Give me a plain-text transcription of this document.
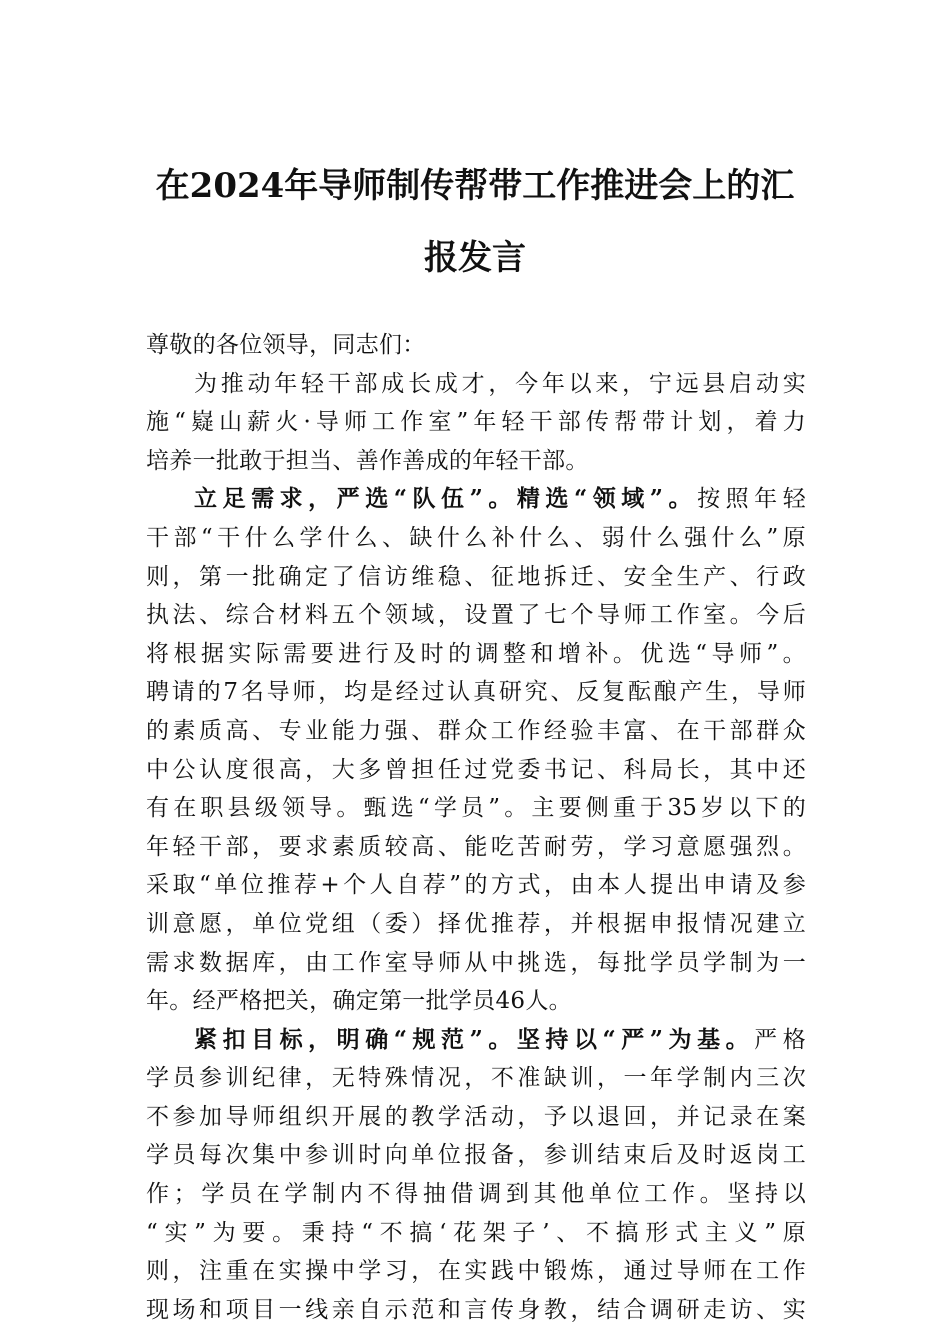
在2024年导师制传帮带工作推进会上的汇
报发言
尊敬的各位领导，同志们：
为推动年轻干部成长成才，今年以来，宁远县启动实
施“嶷山薪火·导师工作室”年轻干部传帮带计划，着力
培养一批敢于担当、善作善成的年轻干部。
立足需求，严选“队伍”。精选“领域”。按照年轻
干部“干什么学什么、缺什么补什么、弱什么强什么”原
则，第一批确定了信访维稳、征地拆迁、安全生产、行政
执法、综合材料五个领域，设置了七个导师工作室。今后
将根据实际需要进行及时的调整和增补。优选“导师”。
聘请的7名导师，均是经过认真研究、反复酝酿产生，导师
的素质高、专业能力强、群众工作经验丰富、在干部群众
中公认度很高，大多曾担任过党委书记、科局长，其中还
有在职县级领导。甄选“学员”。主要侧重于35岁以下的
年轻干部，要求素质较高、能吃苦耐劳，学习意愿强烈。
采取“单位推荐+个人自荐”的方式，由本人提出申请及参
训意愿，单位党组（委）择优推荐，并根据申报情况建立
需求数据库，由工作室导师从中挑选，每批学员学制为一
年。经严格把关，确定第一批学员46人。
紧扣目标，明确“规范”。坚持以“严”为基。严格
学员参训纪律，无特殊情况，不准缺训，一年学制内三次
不参加导师组织开展的教学活动，予以退回，并记录在案
学员每次集中参训时向单位报备，参训结束后及时返岗工
作；学员在学制内不得抽借调到其他单位工作。坚持以
“实”为要。秉持“不搞‘花架子’、不搞形式主义”原
则，注重在实操中学习，在实践中锻炼，通过导师在工作
现场和项目一线亲自示范和言传身教，结合调研走访、实
